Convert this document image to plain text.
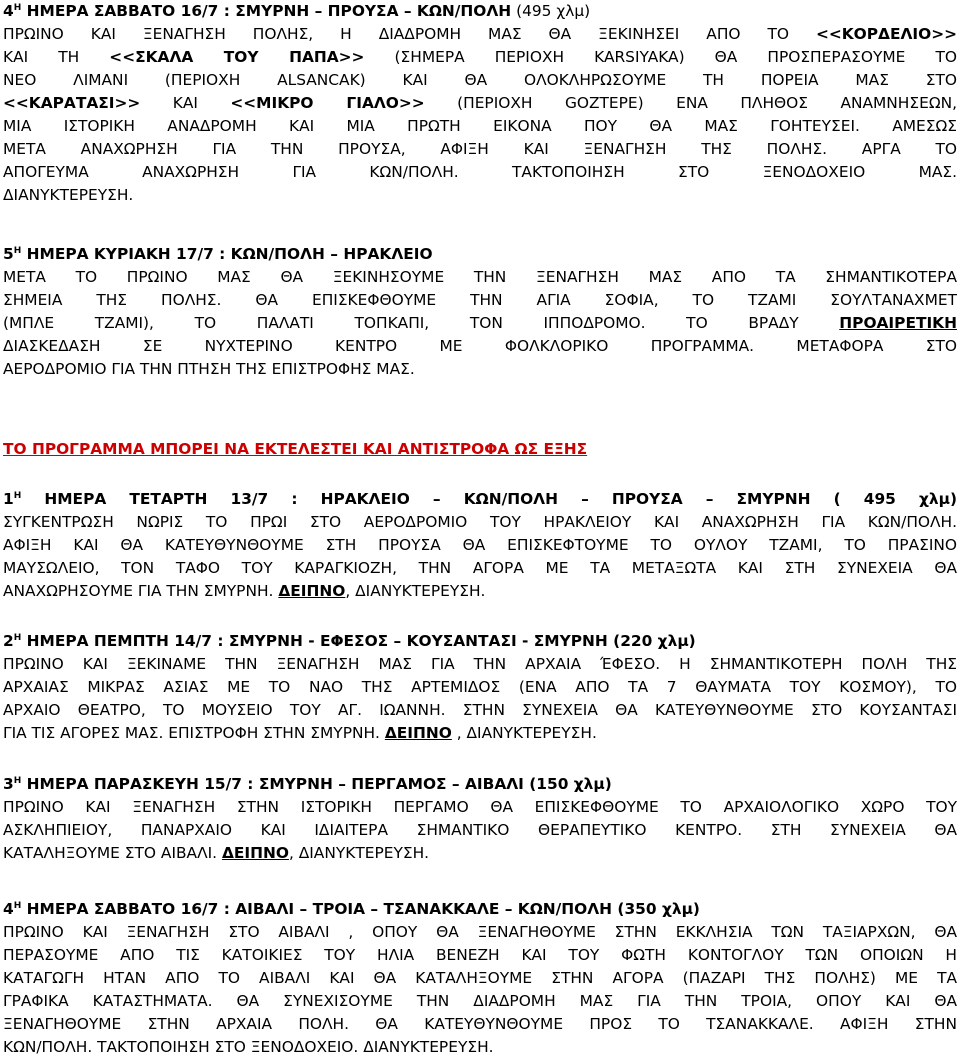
$4^H$ ΗΜΕΡΑ ΣΑΒΒΑΤΟ 16/7 : ΣΜΥΡΝΗ – ΠΡΟΥΣΑ – ΚΩΝ/ΠΟΛΗ (495 χλμ)
ΠΡΩΙΝΟ ΚΑΙ ΞΕΝΑΓΗΣΗ ΠΟΛΗΣ, Η ΔΙΑΔΡΟΜΗ ΜΑΣ ΘΑ ΞΕΚΙΝΗΣΕΙ ΑΠΟ ΤΟ <<ΚΟΡΔΕΛΙΟ>>
ΚΑΙ ΤΗ <<ΣΚΑΛΑ ΤΟΥ ΠΑΠΑ>> (ΣΗΜΕΡΑ ΠΕΡΙΟΧΗ KARSIYAKA) ΘΑ ΠΡΟΣΠΕΡΑΣΟΥΜΕ ΤΟ
ΝΕΟ ΛΙΜΑΝΙ (ΠΕΡΙΟΧΗ ALSANCAK) ΚΑΙ ΘΑ ΟΛΟΚΛΗΡΩΣΟΥΜΕ ΤΗ ΠΟΡΕΙΑ ΜΑΣ ΣΤΟ
<<ΚΑΡΑΤΑΣΙ>> ΚΑΙ <<ΜΙΚΡΟ ΓΙΑΛΟ>> (ΠΕΡΙΟΧΗ GOZTEPE) ΕΝΑ ΠΛΗΘΟΣ ΑΝΑΜΝΗΣΕΩΝ,
ΜΙΑ ΙΣΤΟΡΙΚΗ ΑΝΑΔΡΟΜΗ ΚΑΙ ΜΙΑ ΠΡΩΤΗ ΕΙΚΟΝΑ ΠΟΥ ΘΑ ΜΑΣ ΓΟΗΤΕΥΣΕΙ. ΑΜΕΣΩΣ
ΜΕΤΑ ΑΝΑΧΩΡΗΣΗ ΓΙΑ ΤΗΝ ΠΡΟΥΣΑ, ΑΦΙΞΗ ΚΑΙ ΞΕΝΑΓΗΣΗ ΤΗΣ ΠΟΛΗΣ. ΑΡΓΑ ΤΟ
ΑΠΟΓΕΥΜΑ ΑΝΑΧΩΡΗΣΗ ΓΙΑ ΚΩΝ/ΠΟΛΗ. ΤΑΚΤΟΠΟΙΗΣΗ ΣΤΟ ΞΕΝΟΔΟΧΕΙΟ ΜΑΣ.
ΔΙΑΝΥΚΤΕΡΕΥΣΗ.
$5^H$ ΗΜΕΡΑ ΚΥΡΙΑΚΗ 17/7 : ΚΩΝ/ΠΟΛΗ – ΗΡΑΚΛΕΙΟ
ΜΕΤΑ ΤΟ ΠΡΩΙΝΟ ΜΑΣ ΘΑ ΞΕΚΙΝΗΣΟΥΜΕ ΤΗΝ ΞΕΝΑΓΗΣΗ ΜΑΣ ΑΠΟ ΤΑ ΣΗΜΑΝΤΙΚΟΤΕΡΑ
ΣΗΜΕΙΑ ΤΗΣ ΠΟΛΗΣ. ΘΑ ΕΠΙΣΚΕΦΘΟΥΜΕ ΤΗΝ ΑΓΙΑ ΣΟΦΙΑ, ΤΟ ΤΖΑΜΙ ΣΟΥΛΤΑΝΑΧΜΕΤ
(ΜΠΛΕ ΤΖΑΜΙ), ΤΟ ΠΑΛΑΤΙ ΤΟΠΚΑΠΙ, ΤΟΝ ΙΠΠΟΔΡΟΜΟ. ΤΟ ΒΡΑΔΥ ΠΡΟΑΙΡΕΤΙΚΗ
ΔΙΑΣΚΕΔΑΣΗ ΣΕ ΝΥΧΤΕΡΙΝΟ ΚΕΝΤΡΟ ΜΕ ΦΟΛΚΛΟΡΙΚΟ ΠΡΟΓΡΑΜΜΑ. ΜΕΤΑΦΟΡΑ ΣΤΟ
ΑΕΡΟΔΡΟΜΙΟ ΓΙΑ ΤΗΝ ΠΤΗΣΗ ΤΗΣ ΕΠΙΣΤΡΟΦΗΣ ΜΑΣ.
ΤΟ ΠΡΟΓΡΑΜΜΑ ΜΠΟΡΕΙ ΝΑ ΕΚΤΕΛΕΣΤΕΙ ΚΑΙ ΑΝΤΙΣΤΡΟΦΑ ΩΣ ΕΞΗΣ
$1^H$ ΗΜΕΡΑ ΤΕΤΑΡΤΗ 13/7 : ΗΡΑΚΛΕΙΟ – ΚΩΝ/ΠΟΛΗ – ΠΡΟΥΣΑ – ΣΜΥΡΝΗ ( 495 χλμ)
ΣΥΓΚΕΝΤΡΩΣΗ ΝΩΡΙΣ ΤΟ ΠΡΩΙ ΣΤΟ ΑΕΡΟΔΡΟΜΙΟ ΤΟΥ ΗΡΑΚΛΕΙΟΥ ΚΑΙ ΑΝΑΧΩΡΗΣΗ ΓΙΑ ΚΩΝ/ΠΟΛΗ.
ΑΦΙΞΗ ΚΑΙ ΘΑ ΚΑΤΕΥΘΥΝΘΟΥΜΕ ΣΤΗ ΠΡΟΥΣΑ ΘΑ ΕΠΙΣΚΕΦΤΟΥΜΕ ΤΟ ΟΥΛΟΥ ΤΖΑΜΙ, ΤΟ ΠΡΑΣΙΝΟ
ΜΑΥΣΩΛΕΙΟ, ΤΟΝ ΤΑΦΟ ΤΟΥ ΚΑΡΑΓΚΙΟΖΗ, ΤΗΝ ΑΓΟΡΑ ΜΕ ΤΑ ΜΕΤΑΞΩΤΑ ΚΑΙ ΣΤΗ ΣΥΝΕΧΕΙΑ ΘΑ
ΑΝΑΧΩΡΗΣΟΥΜΕ ΓΙΑ ΤΗΝ ΣΜΥΡΝΗ. ΔΕΙΠΝΟ, ΔΙΑΝΥΚΤΕΡΕΥΣΗ.
$2^H$ ΗΜΕΡΑ ΠΕΜΠΤΗ 14/7 : ΣΜΥΡΝΗ - ΕΦΕΣΟΣ – ΚΟΥΣΑΝΤΑΣΙ - ΣΜΥΡΝΗ (220 χλμ)
ΠΡΩΙΝΟ ΚΑΙ ΞΕΚΙΝΑΜΕ ΤΗΝ ΞΕΝΑΓΗΣΗ ΜΑΣ ΓΙΑ ΤΗΝ ΑΡΧΑΙΑ ΈΦΕΣΟ. Η ΣΗΜΑΝΤΙΚΟΤΕΡΗ ΠΟΛΗ ΤΗΣ
ΑΡΧΑΙΑΣ ΜΙΚΡΑΣ ΑΣΙΑΣ ΜΕ ΤΟ ΝΑΟ ΤΗΣ ΑΡΤΕΜΙΔΟΣ (ΕΝΑ ΑΠΟ ΤΑ 7 ΘΑΥΜΑΤΑ ΤΟΥ ΚΟΣΜΟΥ), ΤΟ
ΑΡΧΑΙΟ ΘΕΑΤΡΟ, ΤΟ ΜΟΥΣΕΙΟ ΤΟΥ ΑΓ. ΙΩΑΝΝΗ. ΣΤΗΝ ΣΥΝΕΧΕΙΑ ΘΑ ΚΑΤΕΥΘΥΝΘΟΥΜΕ ΣΤΟ ΚΟΥΣΑΝΤΑΣΙ
ΓΙΑ ΤΙΣ ΑΓΟΡΕΣ ΜΑΣ. ΕΠΙΣΤΡΟΦΗ ΣΤΗΝ ΣΜΥΡΝΗ. ΔΕΙΠΝΟ , ΔΙΑΝΥΚΤΕΡΕΥΣΗ.
$3^H$ ΗΜΕΡΑ ΠΑΡΑΣΚΕΥΗ 15/7 : ΣΜΥΡΝΗ – ΠΕΡΓΑΜΟΣ – ΑΙΒΑΛΙ (150 χλμ)
ΠΡΩΙΝΟ ΚΑΙ ΞΕΝΑΓΗΣΗ ΣΤΗΝ ΙΣΤΟΡΙΚΗ ΠΕΡΓΑΜΟ ΘΑ ΕΠΙΣΚΕΦΘΟΥΜΕ ΤΟ ΑΡΧΑΙΟΛΟΓΙΚΟ ΧΩΡΟ ΤΟΥ
ΑΣΚΛΗΠΙΕΙΟΥ, ΠΑΝΑΡΧΑΙΟ ΚΑΙ ΙΔΙΑΙΤΕΡΑ ΣΗΜΑΝΤΙΚΟ ΘΕΡΑΠΕΥΤΙΚΟ ΚΕΝΤΡΟ. ΣΤΗ ΣΥΝΕΧΕΙΑ ΘΑ
ΚΑΤΑΛΗΞΟΥΜΕ ΣΤΟ ΑΙΒΑΛΙ. ΔΕΙΠΝΟ, ΔΙΑΝΥΚΤΕΡΕΥΣΗ.
$4^H$ ΗΜΕΡΑ ΣΑΒΒΑΤΟ 16/7 : ΑΙΒΑΛΙ – ΤΡΟΙΑ – ΤΣΑΝΑΚΚΑΛΕ – ΚΩΝ/ΠΟΛΗ (350 χλμ)
ΠΡΩΙΝΟ ΚΑΙ ΞΕΝΑΓΗΣΗ ΣΤΟ ΑΙΒΑΛΙ , ΟΠΟΥ ΘΑ ΞΕΝΑΓΗΘΟΥΜΕ ΣΤΗΝ ΕΚΚΛΗΣΙΑ ΤΩΝ ΤΑΞΙΑΡΧΩΝ, ΘΑ
ΠΕΡΑΣΟΥΜΕ ΑΠΟ ΤΙΣ ΚΑΤΟΙΚΙΕΣ ΤΟΥ ΗΛΙΑ ΒΕΝΕΖΗ ΚΑΙ ΤΟΥ ΦΩΤΗ ΚΟΝΤΟΓΛΟΥ ΤΩΝ ΟΠΟΙΩΝ Η
ΚΑΤΑΓΩΓΗ ΗΤΑΝ ΑΠΟ ΤΟ ΑΙΒΑΛΙ ΚΑΙ ΘΑ ΚΑΤΑΛΗΞΟΥΜΕ ΣΤΗΝ ΑΓΟΡΑ (ΠΑΖΑΡΙ ΤΗΣ ΠΟΛΗΣ) ΜΕ ΤΑ
ΓΡΑΦΙΚΑ ΚΑΤΑΣΤΗΜΑΤΑ. ΘΑ ΣΥΝΕΧΙΣΟΥΜΕ ΤΗΝ ΔΙΑΔΡΟΜΗ ΜΑΣ ΓΙΑ ΤΗΝ ΤΡΟΙΑ, ΟΠΟΥ ΚΑΙ ΘΑ
ΞΕΝΑΓΗΘΟΥΜΕ ΣΤΗΝ ΑΡΧΑΙΑ ΠΟΛΗ. ΘΑ ΚΑΤΕΥΘΥΝΘΟΥΜΕ ΠΡΟΣ ΤΟ ΤΣΑΝΑΚΚΑΛΕ. ΑΦΙΞΗ ΣΤΗΝ
ΚΩΝ/ΠΟΛΗ. ΤΑΚΤΟΠΟΙΗΣΗ ΣΤΟ ΞΕΝΟΔΟΧΕΙΟ. ΔΙΑΝΥΚΤΕΡΕΥΣΗ.
